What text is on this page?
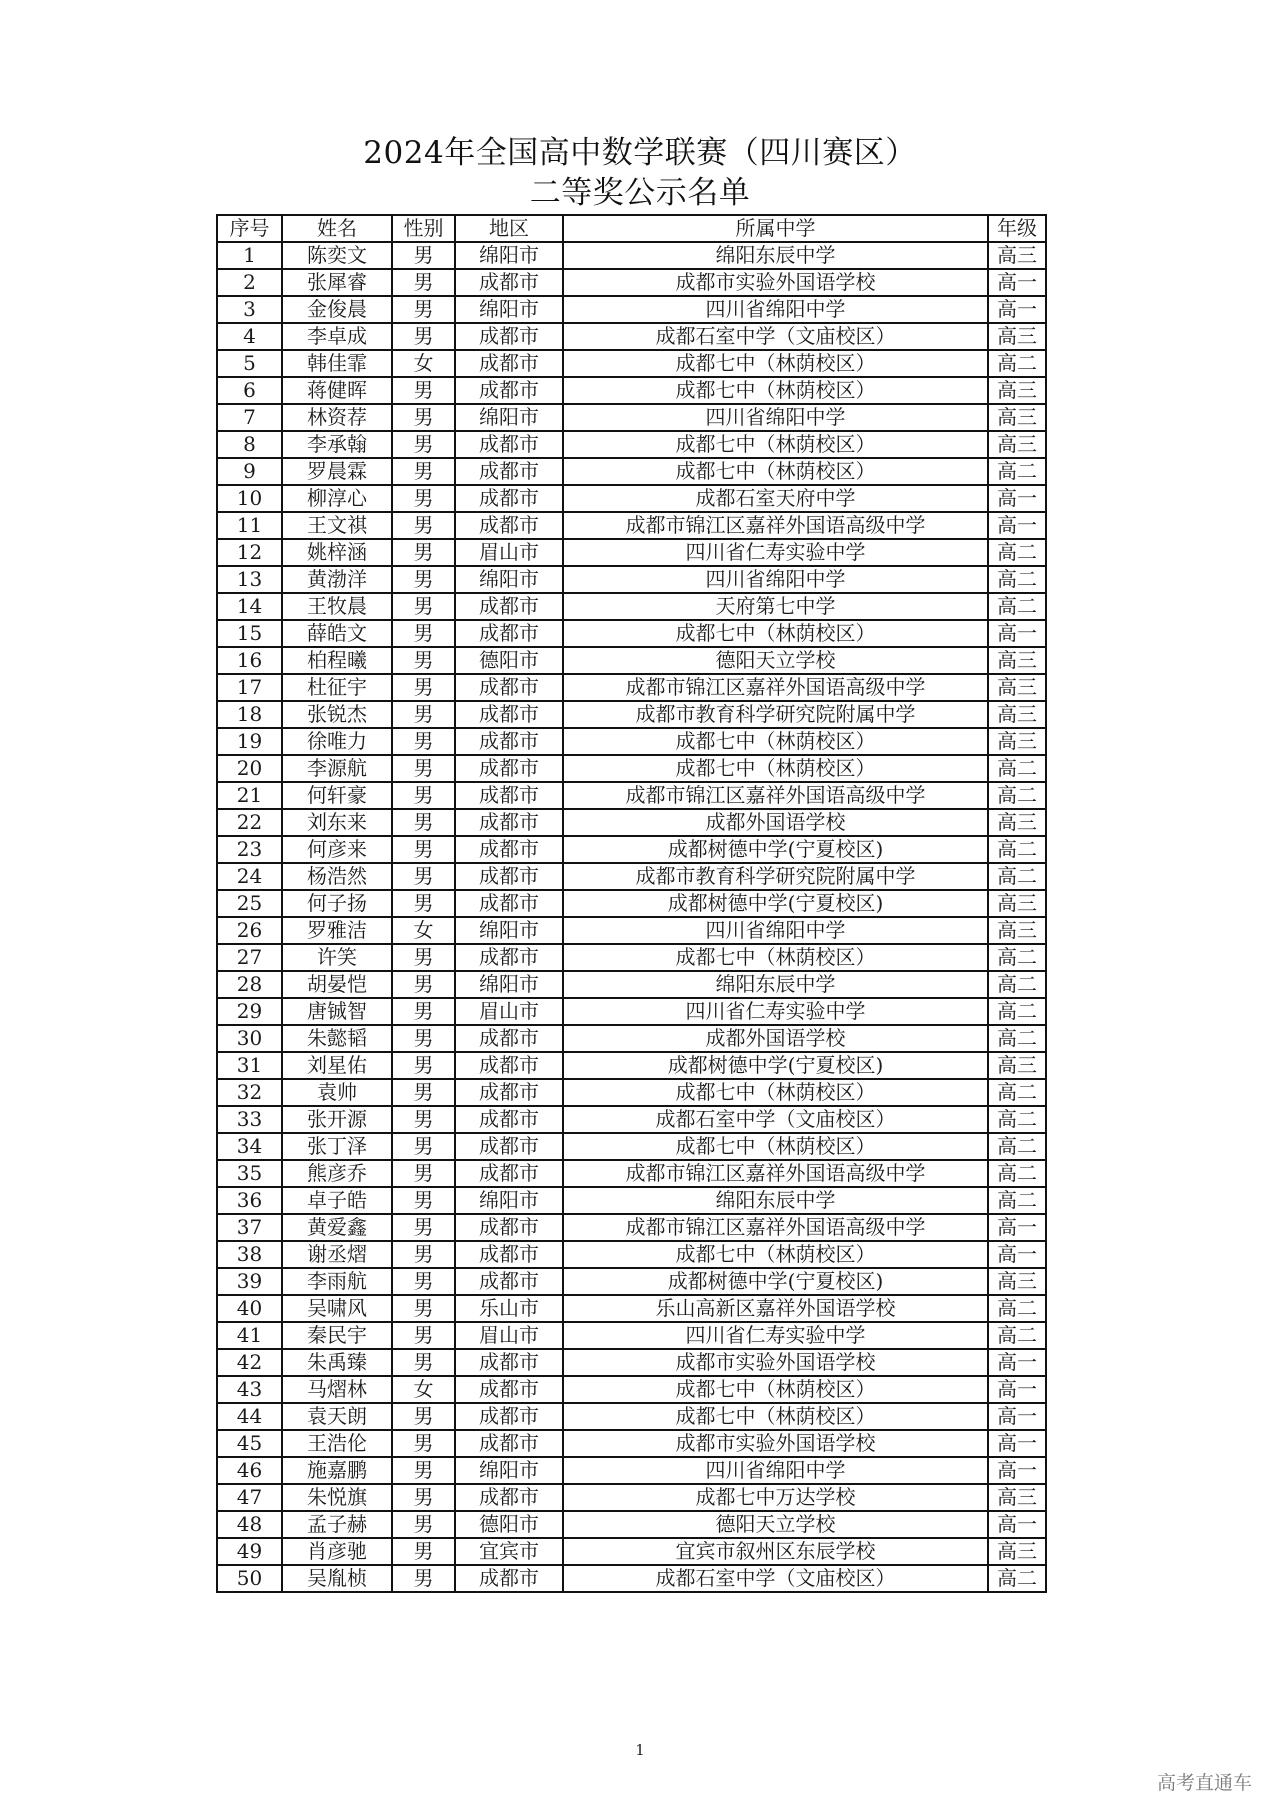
2024年全国高中数学联赛（四川赛区）
二等奖公示名单
序号	姓名	性别	地区	所属中学	年级
1	陈奕文	男	绵阳市	绵阳东辰中学	高三
2	张犀睿	男	成都市	成都市实验外国语学校	高一
3	金俊晨	男	绵阳市	四川省绵阳中学	高一
4	李卓成	男	成都市	成都石室中学（文庙校区）	高三
5	韩佳霏	女	成都市	成都七中（林荫校区）	高二
6	蒋健晖	男	成都市	成都七中（林荫校区）	高三
7	林资荐	男	绵阳市	四川省绵阳中学	高三
8	李承翰	男	成都市	成都七中（林荫校区）	高三
9	罗晨霖	男	成都市	成都七中（林荫校区）	高二
10	柳淳心	男	成都市	成都石室天府中学	高一
11	王文祺	男	成都市	成都市锦江区嘉祥外国语高级中学	高一
12	姚梓涵	男	眉山市	四川省仁寿实验中学	高二
13	黄渤洋	男	绵阳市	四川省绵阳中学	高二
14	王牧晨	男	成都市	天府第七中学	高二
15	薛皓文	男	成都市	成都七中（林荫校区）	高一
16	柏程曦	男	德阳市	德阳天立学校	高三
17	杜征宇	男	成都市	成都市锦江区嘉祥外国语高级中学	高三
18	张锐杰	男	成都市	成都市教育科学研究院附属中学	高三
19	徐唯力	男	成都市	成都七中（林荫校区）	高三
20	李源航	男	成都市	成都七中（林荫校区）	高二
21	何轩豪	男	成都市	成都市锦江区嘉祥外国语高级中学	高二
22	刘东来	男	成都市	成都外国语学校	高三
23	何彦来	男	成都市	成都树德中学(宁夏校区)	高二
24	杨浩然	男	成都市	成都市教育科学研究院附属中学	高二
25	何子扬	男	成都市	成都树德中学(宁夏校区)	高三
26	罗雅洁	女	绵阳市	四川省绵阳中学	高三
27	许笑	男	成都市	成都七中（林荫校区）	高二
28	胡晏恺	男	绵阳市	绵阳东辰中学	高二
29	唐铖智	男	眉山市	四川省仁寿实验中学	高二
30	朱懿韬	男	成都市	成都外国语学校	高二
31	刘星佑	男	成都市	成都树德中学(宁夏校区)	高三
32	袁帅	男	成都市	成都七中（林荫校区）	高二
33	张开源	男	成都市	成都石室中学（文庙校区）	高二
34	张丁泽	男	成都市	成都七中（林荫校区）	高二
35	熊彦乔	男	成都市	成都市锦江区嘉祥外国语高级中学	高二
36	卓子皓	男	绵阳市	绵阳东辰中学	高二
37	黄爱鑫	男	成都市	成都市锦江区嘉祥外国语高级中学	高一
38	谢丞熠	男	成都市	成都七中（林荫校区）	高一
39	李雨航	男	成都市	成都树德中学(宁夏校区)	高三
40	吴啸风	男	乐山市	乐山高新区嘉祥外国语学校	高二
41	秦民宇	男	眉山市	四川省仁寿实验中学	高二
42	朱禹臻	男	成都市	成都市实验外国语学校	高一
43	马熠林	女	成都市	成都七中（林荫校区）	高一
44	袁天朗	男	成都市	成都七中（林荫校区）	高一
45	王浩伦	男	成都市	成都市实验外国语学校	高一
46	施嘉鹏	男	绵阳市	四川省绵阳中学	高一
47	朱悦旗	男	成都市	成都七中万达学校	高三
48	孟子赫	男	德阳市	德阳天立学校	高一
49	肖彦驰	男	宜宾市	宜宾市叙州区东辰学校	高三
50	吴胤桢	男	成都市	成都石室中学（文庙校区）	高二
1
高考直通车
